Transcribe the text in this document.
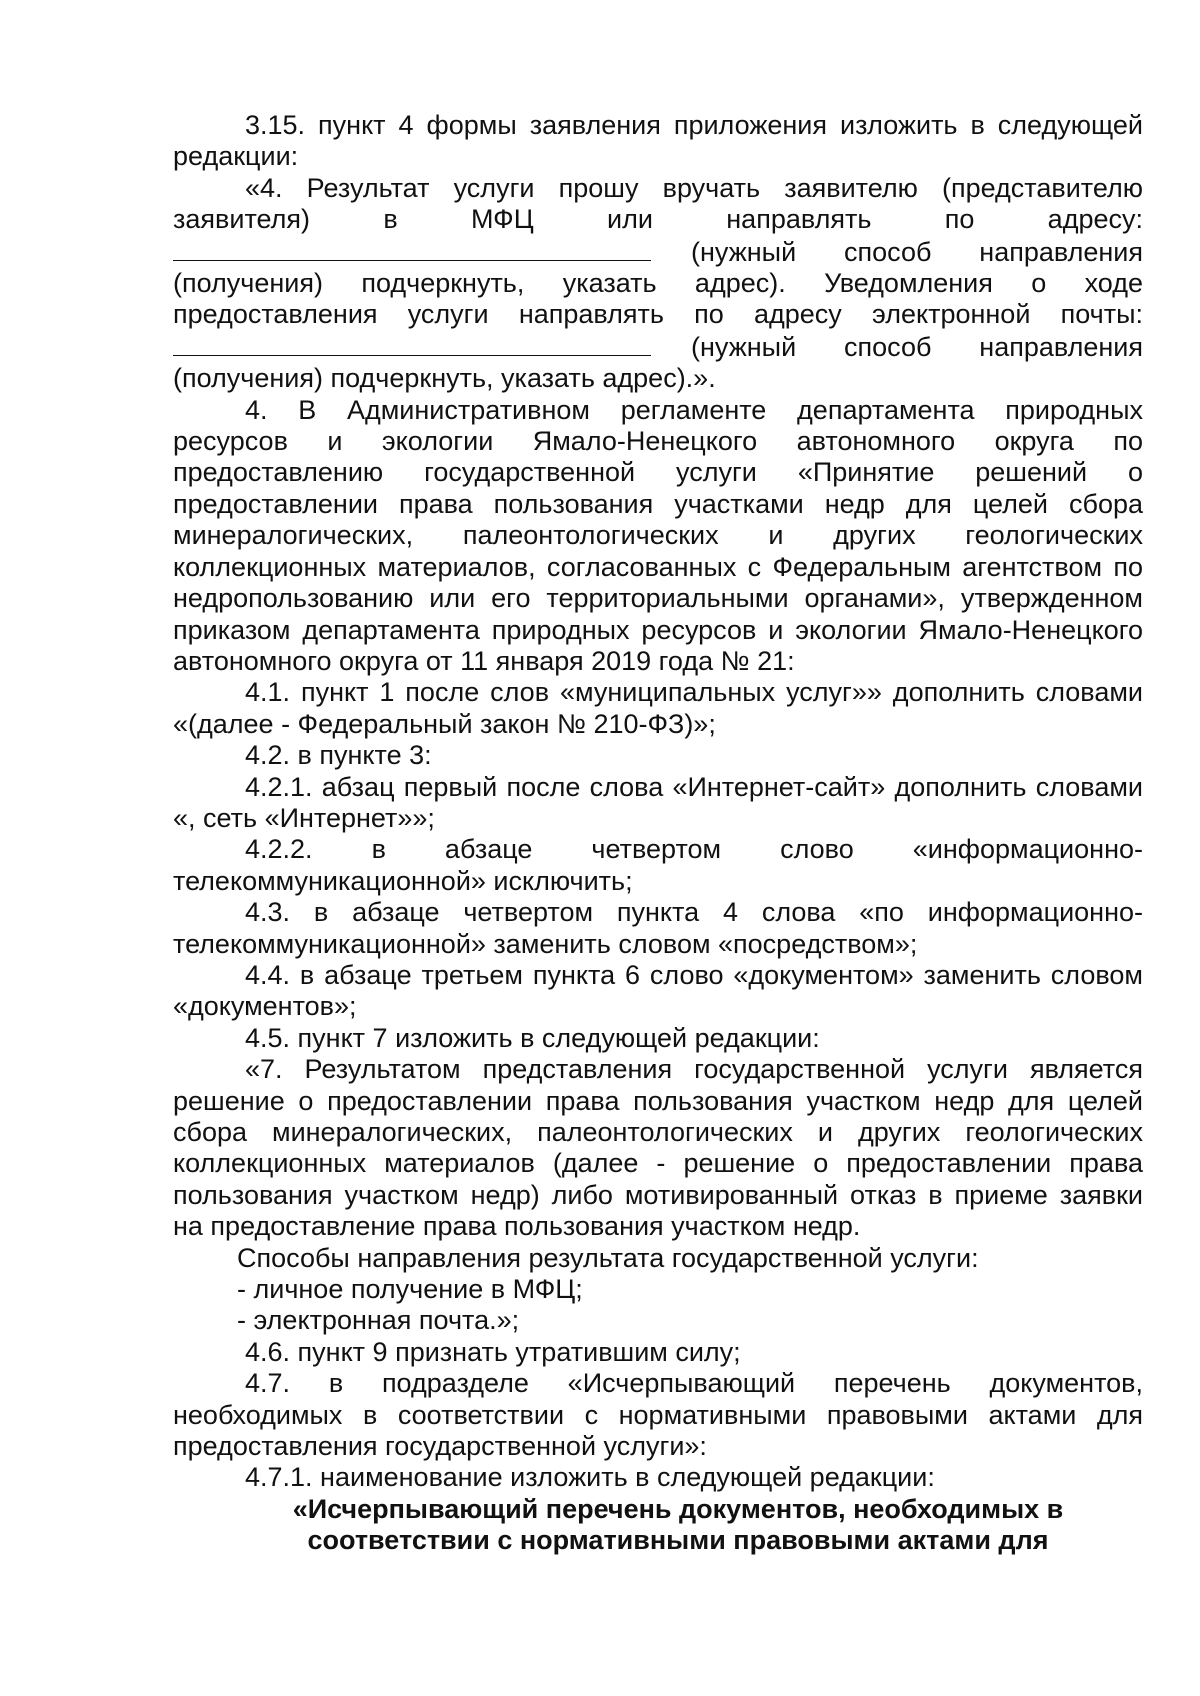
3.15. пункт 4 формы заявления приложения изложить в следующей редакции:

«4. Результат услуги прошу вручать заявителю (представителю заявителя) в МФЦ или направлять по адресу: (нужный способ направления (получения) подчеркнуть, указать адрес). Уведомления о ходе предоставления услуги направлять по адресу электронной почты: (нужный способ направления (получения) подчеркнуть, указать адрес).».

4. В Административном регламенте департамента природных ресурсов и экологии Ямало-Ненецкого автономного округа по предоставлению государственной услуги «Принятие решений о предоставлении права пользования участками недр для целей сбора минералогических, палеонтологических и других геологических коллекционных материалов, согласованных с Федеральным агентством по недропользованию или его территориальными органами», утвержденном приказом департамента природных ресурсов и экологии Ямало-Ненецкого автономного округа от 11 января 2019 года № 21:

4.1. пункт 1 после слов «муниципальных услуг»» дополнить словами «(далее - Федеральный закон № 210-ФЗ)»;

4.2. в пункте 3:

4.2.1. абзац первый после слова «Интернет-сайт» дополнить словами «, сеть «Интернет»»;

4.2.2. в абзаце четвертом слово «информационно-телекоммуникационной» исключить;

4.3. в абзаце четвертом пункта 4 слова «по информационно-телекоммуникационной» заменить словом «посредством»;

4.4. в абзаце третьем пункта 6 слово «документом» заменить словом «документов»;

4.5. пункт 7 изложить в следующей редакции:

«7. Результатом представления государственной услуги является решение о предоставлении права пользования участком недр для целей сбора минералогических, палеонтологических и других геологических коллекционных материалов (далее - решение о предоставлении права пользования участком недр) либо мотивированный отказ в приеме заявки на предоставление права пользования участком недр.

Способы направления результата государственной услуги:

- личное получение в МФЦ;

- электронная почта.»;

4.6. пункт 9 признать утратившим силу;

4.7. в подразделе «Исчерпывающий перечень документов, необходимых в соответствии с нормативными правовыми актами для предоставления государственной услуги»:

4.7.1. наименование изложить в следующей редакции:

«Исчерпывающий перечень документов, необходимых в соответствии с нормативными правовыми актами для
